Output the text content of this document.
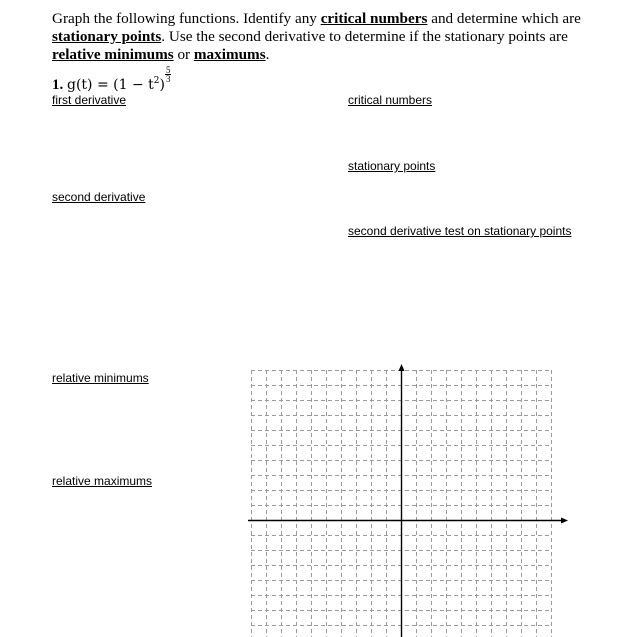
Graph the following functions. Identify any critical numbers and determine which are stationary points. Use the second derivative to determine if the stationary points are relative minimums or maximums.

1. $g(t) = (1 - t^2)$
$\frac{5}{3}$
first derivative	critical numbers
stationary points
second derivative
second derivative test on stationary points
relative minimums
relative maximums
